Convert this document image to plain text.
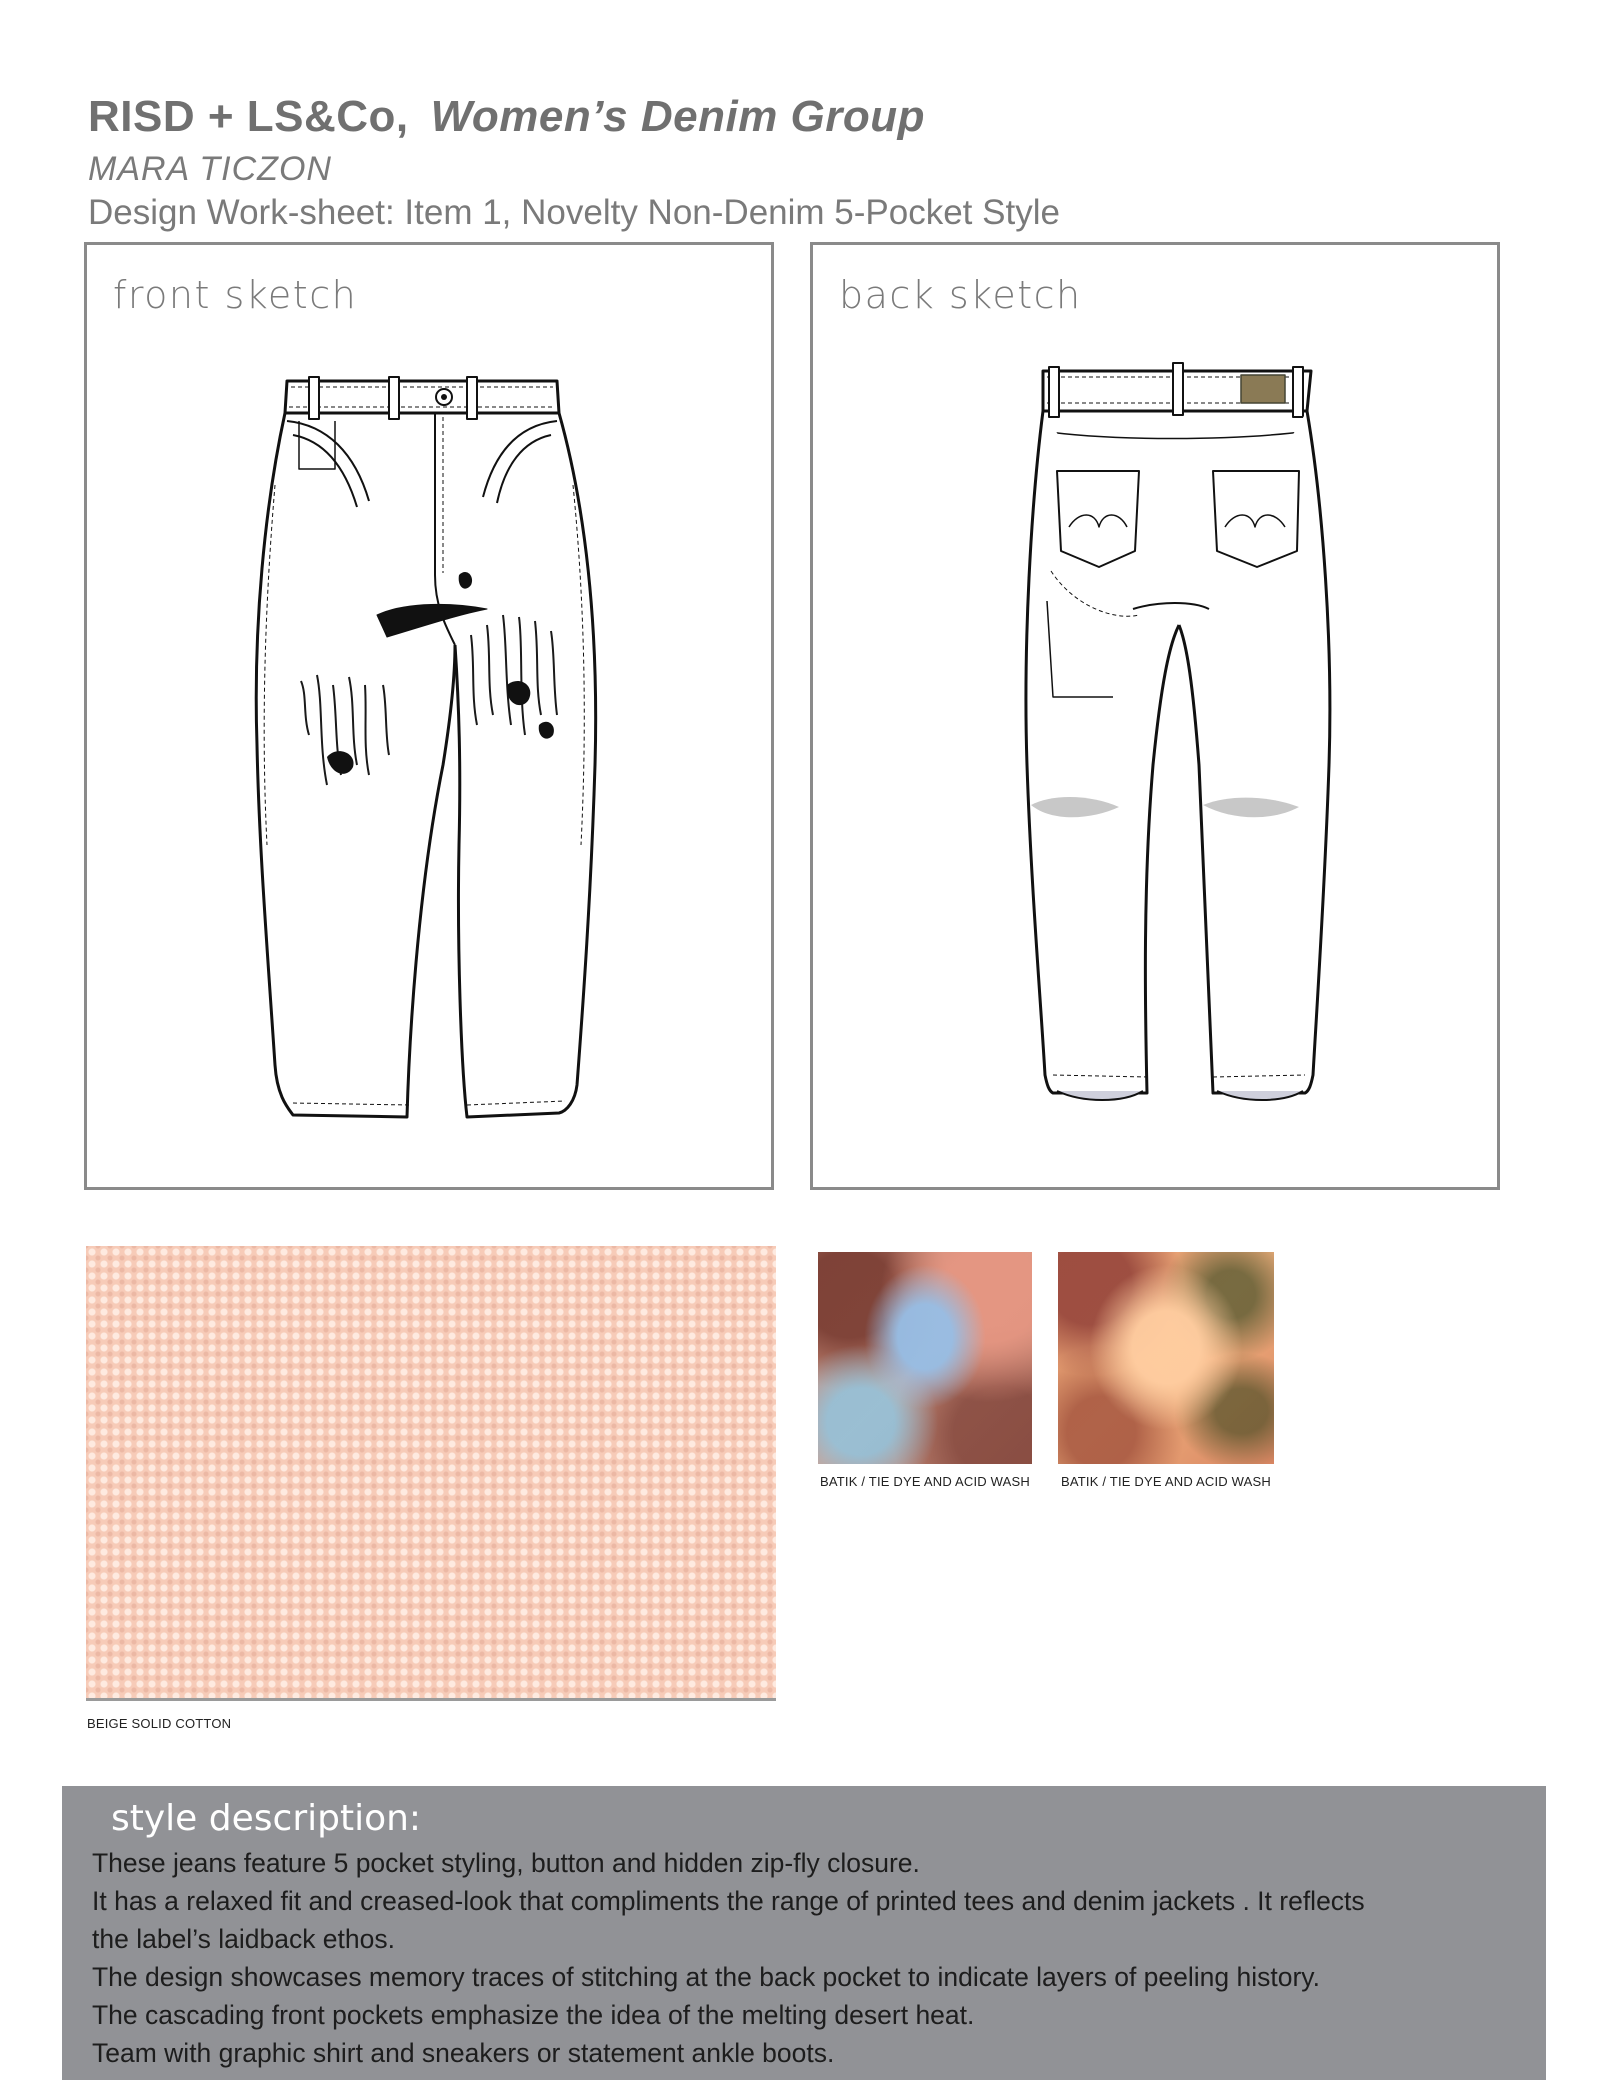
RISD + LS&Co, Women’s Denim Group
MARA TICZON
Design Work-sheet: Item 1, Novelty Non-Denim 5-Pocket Style
front sketch	back sketch
BEIGE SOLID COTTON
BATIK / TIE DYE AND ACID WASH BATIK / TIE DYE AND ACID WASH
style description:
These jeans feature 5 pocket styling, button and hidden zip-fly closure.
It has a relaxed fit and creased-look that compliments the range of printed tees and denim jackets . It reflects
the label’s laidback ethos.
The design showcases memory traces of stitching at the back pocket to indicate layers of peeling history.
The cascading front pockets emphasize the idea of the melting desert heat.
Team with graphic shirt and sneakers or statement ankle boots.
